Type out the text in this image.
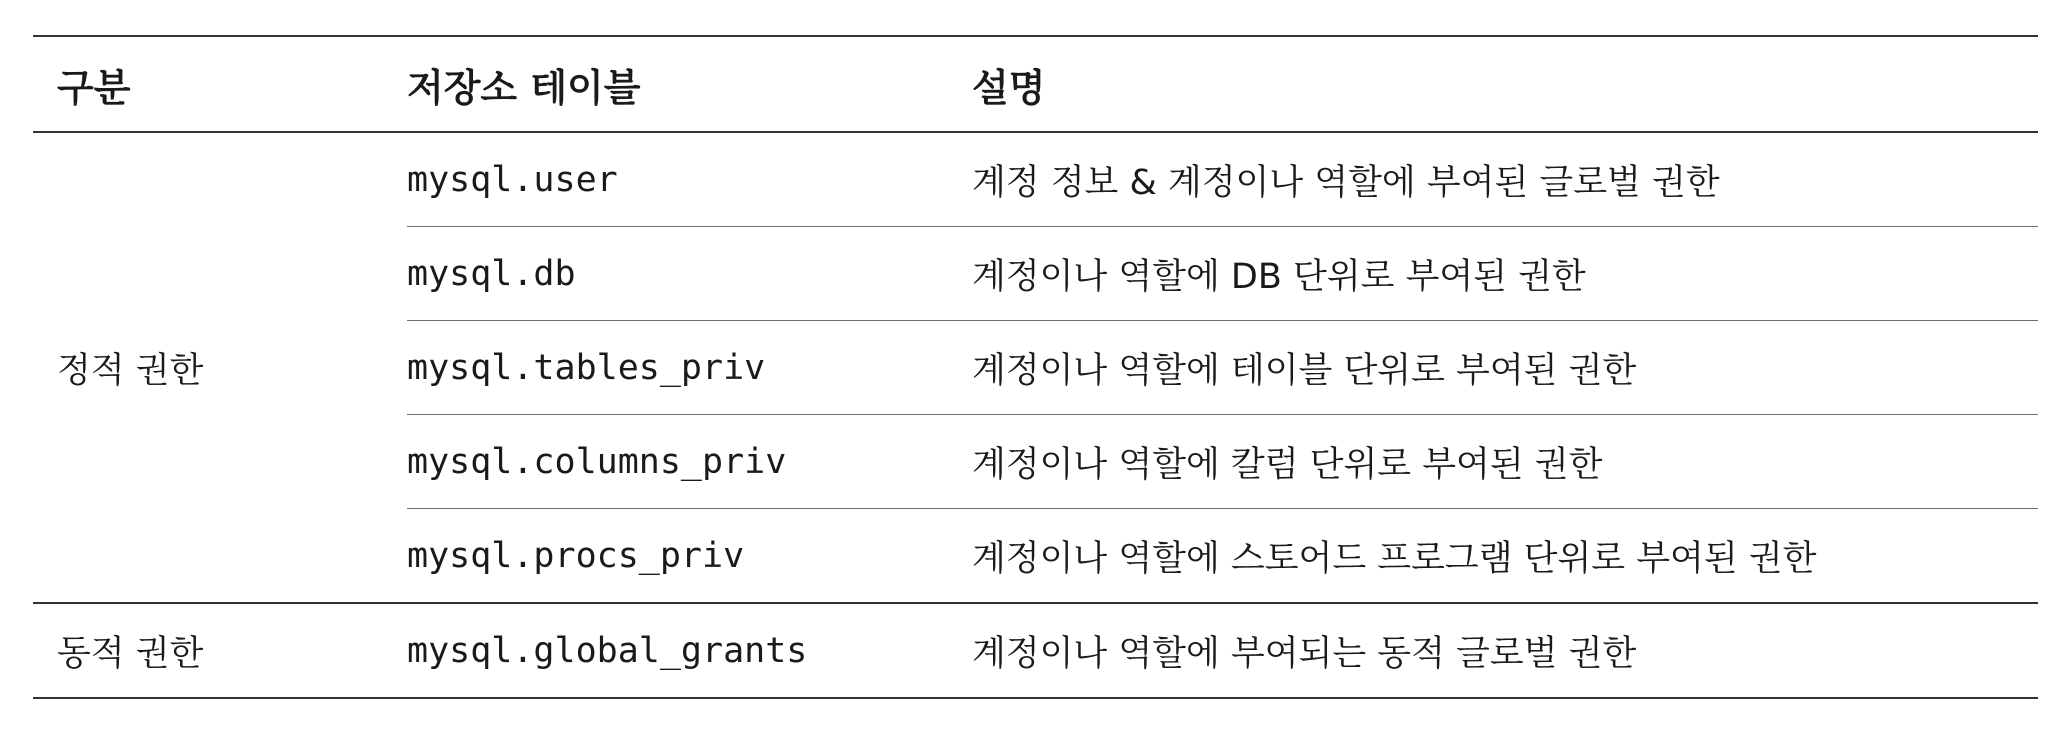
구분	저장소 테이블	설명
정적 권한	mysql.user	계정 정보 & 계정이나 역할에 부여된 글로벌 권한
	mysql.db	계정이나 역할에 DB 단위로 부여된 권한
	mysql.tables_priv	계정이나 역할에 테이블 단위로 부여된 권한
	mysql.columns_priv	계정이나 역할에 칼럼 단위로 부여된 권한
	mysql.procs_priv	계정이나 역할에 스토어드 프로그램 단위로 부여된 권한
동적 권한	mysql.global_grants	계정이나 역할에 부여되는 동적 글로벌 권한
